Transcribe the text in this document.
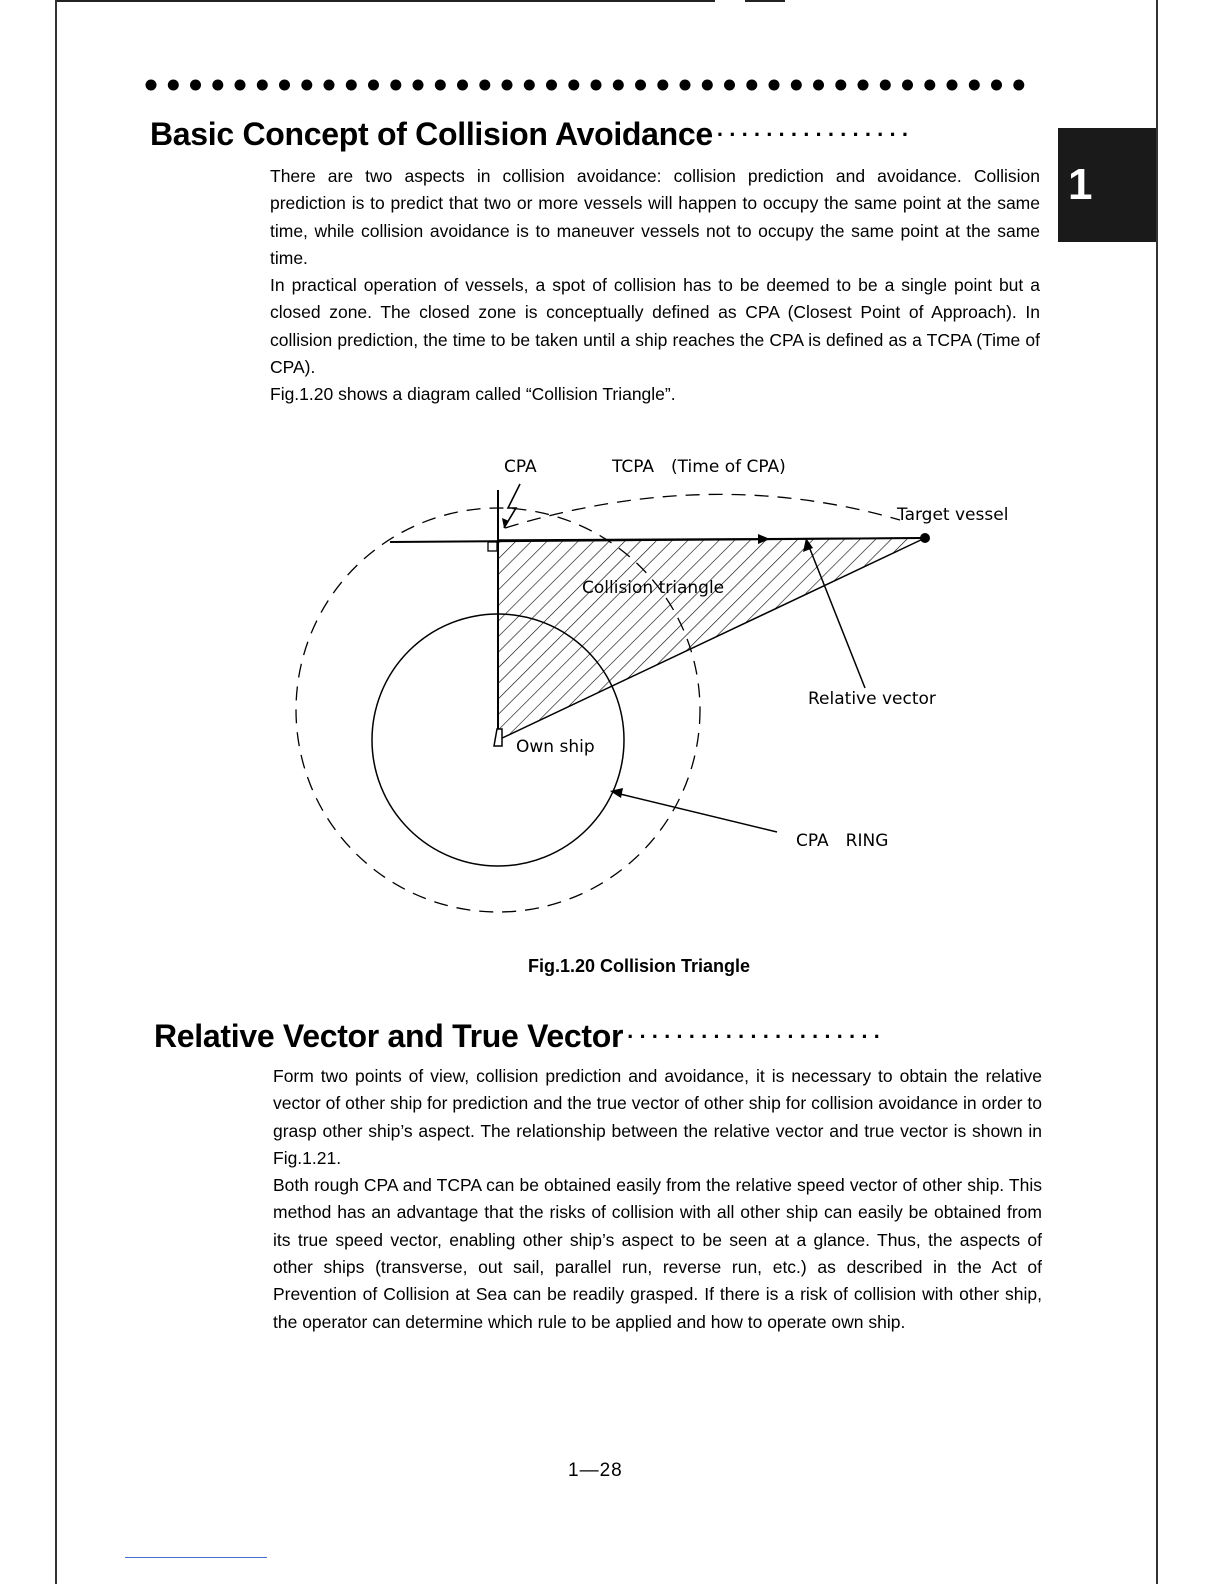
1
Basic Concept of Collision Avoidance ················

There are two aspects in collision avoidance: collision prediction and avoidance. Collision prediction is to predict that two or more vessels will happen to occupy the same point at the same time, while collision avoidance is to maneuver vessels not to occupy the same point at the same time.

In practical operation of vessels, a spot of collision has to be deemed to be a single point but a closed zone. The closed zone is conceptually defined as CPA (Closest Point of Approach). In collision prediction, the time to be taken until a ship reaches the CPA is defined as a TCPA (Time of CPA).

Fig.1.20 shows a diagram called “Collision Triangle”.

CPA	TCPA　(Time of CPA)
Target vessel
Collision triangle
Relative vector
Own ship
CPA　RING
Fig.1.20 Collision Triangle
Relative Vector and True Vector ·····················

Form two points of view, collision prediction and avoidance, it is necessary to obtain the relative vector of other ship for prediction and the true vector of other ship for collision avoidance in order to grasp other ship’s aspect. The relationship between the relative vector and true vector is shown in Fig.1.21.

Both rough CPA and TCPA can be obtained easily from the relative speed vector of other ship. This method has an advantage that the risks of collision with all other ship can easily be obtained from its true speed vector, enabling other ship’s aspect to be seen at a glance. Thus, the aspects of other ships (transverse, out sail, parallel run, reverse run, etc.) as described in the Act of Prevention of Collision at Sea can be readily grasped. If there is a risk of collision with other ship, the operator can determine which rule to be applied and how to operate own ship.

1—28
